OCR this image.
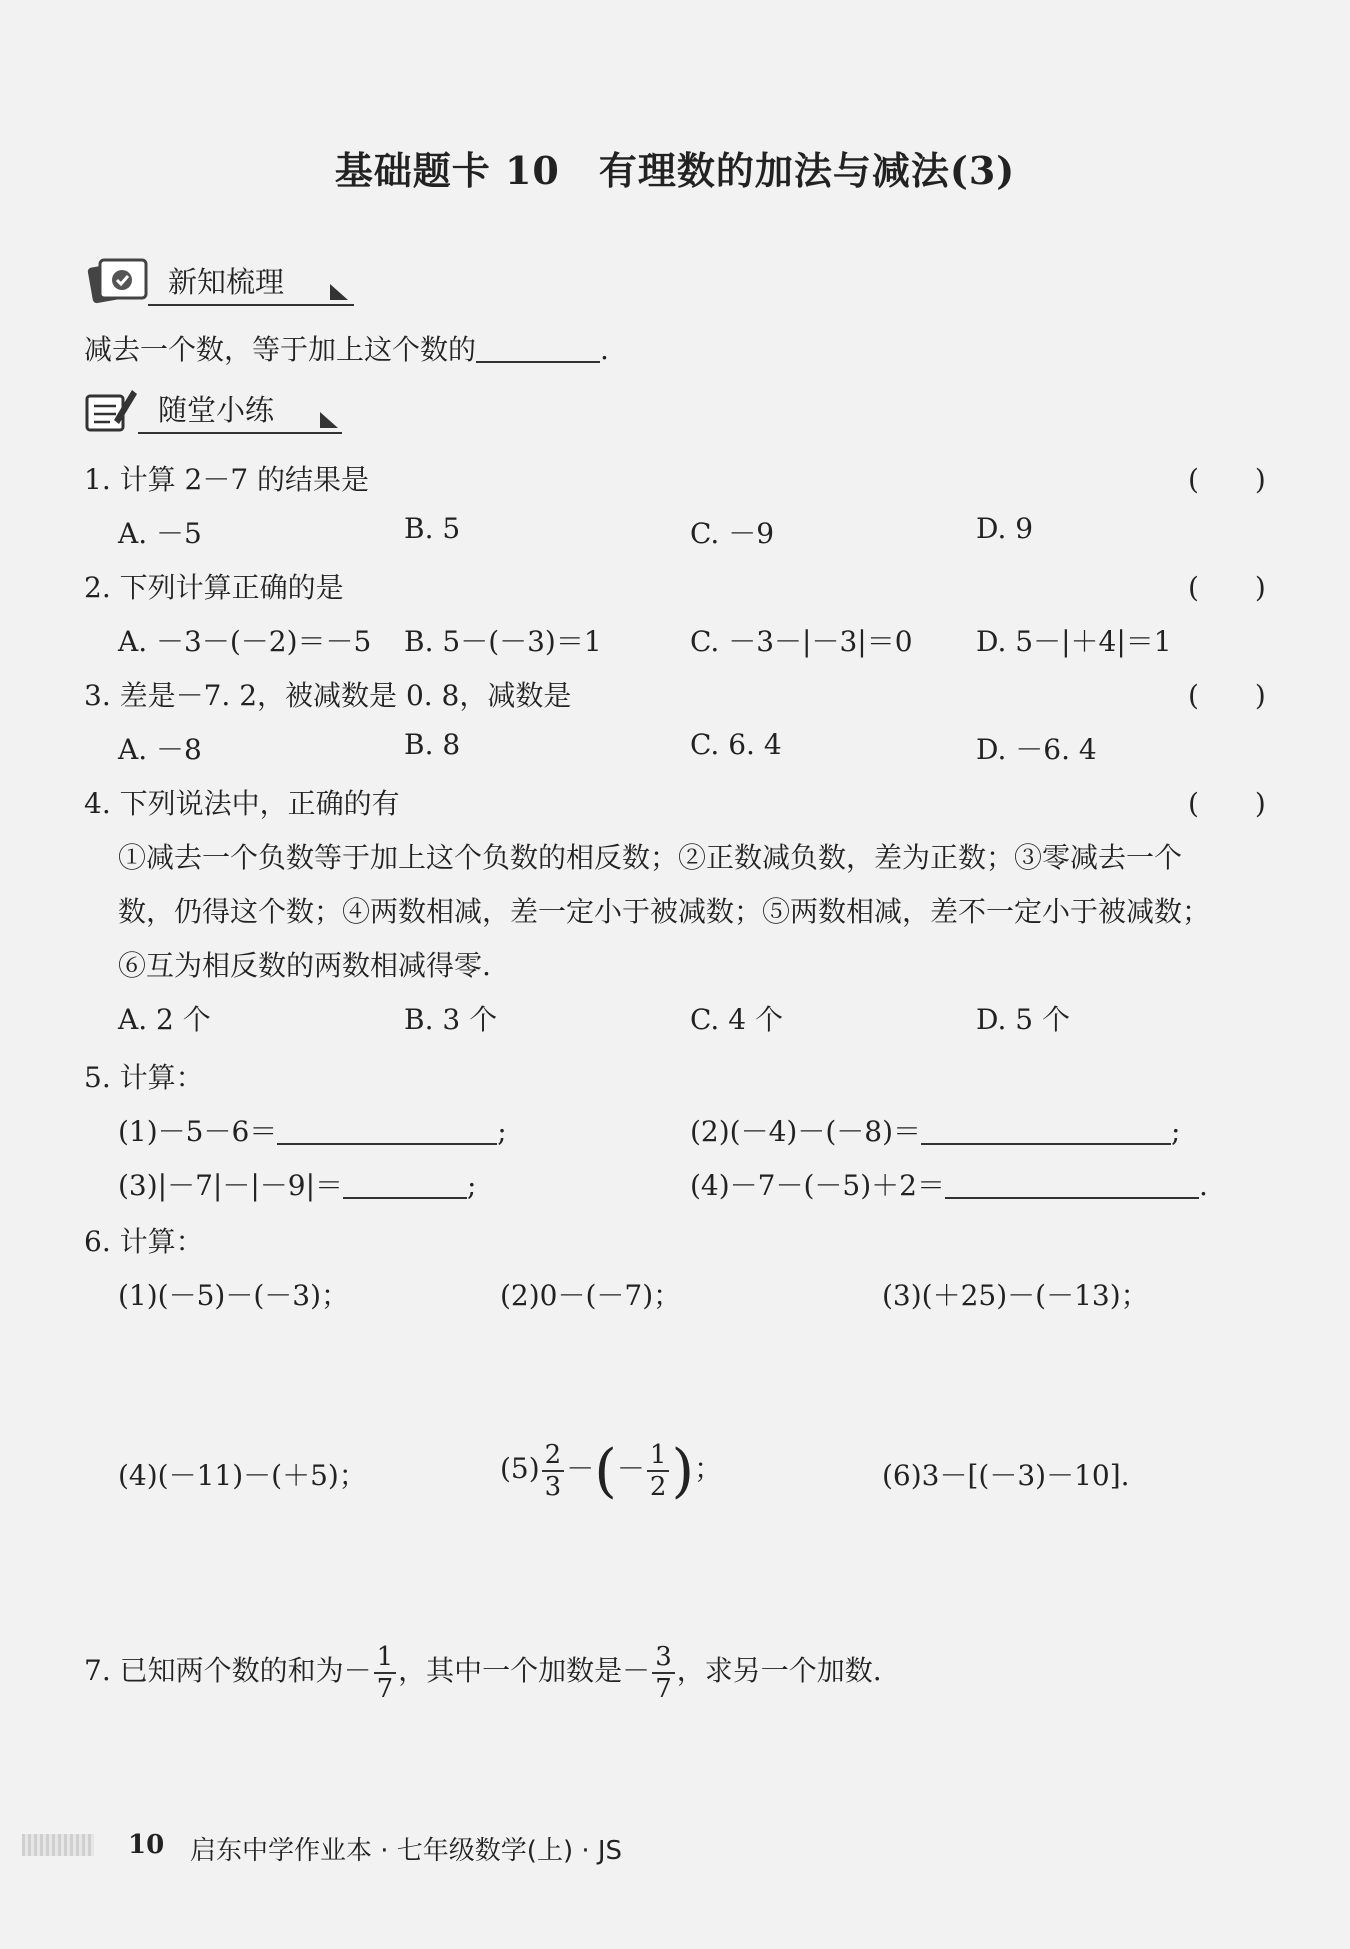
基础题卡 10　有理数的加法与减法(3)
新知梳理
减去一个数，等于加上这个数的	.
随堂小练
1. 计算 2－7 的结果是	(　　)
A. －5	B. 5	C. －9	D. 9
2. 下列计算正确的是	(　　)
A. －3－(－2)＝－5 B. 5－(－3)＝1	C. －3－|－3|＝0 D. 5－|＋4|＝1
3. 差是－7. 2，被减数是 0. 8，减数是	(　　)
A. －8	B. 8	C. 6. 4	D. －6. 4
4. 下列说法中，正确的有	(　　)
①减去一个负数等于加上这个负数的相反数；②正数减负数，差为正数；③零减去一个
数，仍得这个数；④两数相减，差一定小于被减数；⑤两数相减，差不一定小于被减数；
⑥互为相反数的两数相减得零.
A. 2 个	B. 3 个	C. 4 个	D. 5 个
5. 计算：
(1)－5－6＝	;	(2)(－4)－(－8)＝	;
(3)|－7|－|－9|＝	;	(4)－7－(－5)＋2＝	.
6. 计算：
(1)(－5)－(－3)；	(2)0－(－7)；	(3)(＋25)－(－13)；
(4)(－11)－(＋5)；	$(5) \frac{2}{3}$ －(－ $\frac{1}{2}$ )；	(6)3－[(－3)－10].
7. 已知两个数的和为－ $\frac{1}{7}$ ，其中一个加数是－ $\frac{3}{7}$ ，求另一个加数.
10 启东中学作业本 · 七年级数学(上) · JS
